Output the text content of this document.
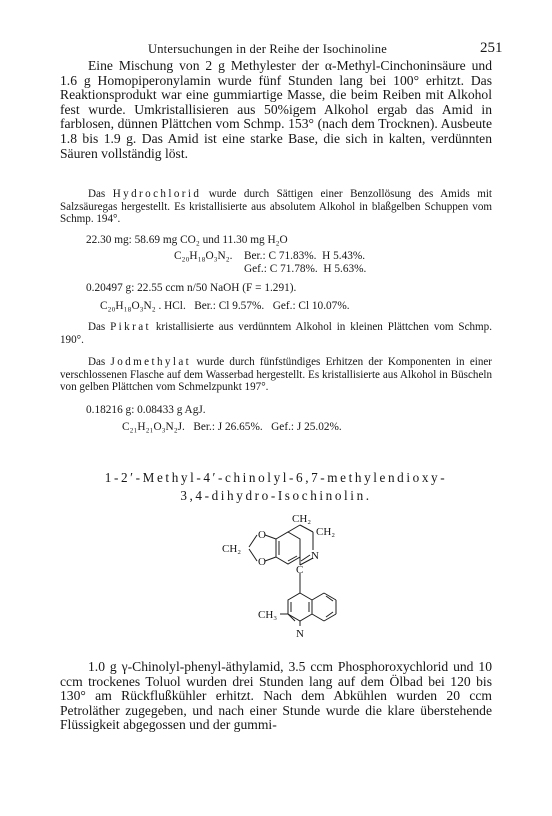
Untersuchungen in der Reihe der Isochinoline	251

Eine Mischung von 2 g Methylester der α-Methyl-Cinchoninsäure und 1.6 g Homopiperonylamin wurde fünf Stunden lang bei 100° erhitzt. Das Reaktionsprodukt war eine gummiartige Masse, die beim Reiben mit Alkohol fest wurde. Umkristallisieren aus 50%igem Alkohol ergab das Amid in farblosen, dünnen Plättchen vom Schmp. 153° (nach dem Trocknen). Ausbeute 1.8 bis 1.9 g. Das Amid ist eine starke Base, die sich in kalten, verdünnten Säuren vollständig löst.

Das Hydrochlorid wurde durch Sättigen einer Benzollösung des Amids mit Salzsäuregas hergestellt. Es kristallisierte aus absolutem Alkohol in blaßgelben Schuppen vom Schmp. 194°.

22.30 mg: 58.69 mg CO₂ und 11.30 mg H₂O
C₂₀H₁₈O₃N₂. Ber.: C 71.83%.  H 5.43%.
Gef.: C 71.78%.  H 5.63%.
0.20497 g: 22.55 ccm n/50 NaOH (F = 1.291).
C₂₀H₁₈O₃N₂ . HCl.   Ber.: Cl 9.57%.   Gef.: Cl 10.07%.

Das Pikrat kristallisierte aus verdünntem Alkohol in kleinen Plättchen vom Schmp. 190°.

Das Jodmethylat wurde durch fünfstündiges Erhitzen der Komponenten in einer verschlossenen Flasche auf dem Wasserbad hergestellt. Es kristallisierte aus Alkohol in Büscheln von gelben Plättchen vom Schmelzpunkt 197°.

0.18216 g: 0.08433 g AgJ.
C₂₁H₂₁O₃N₂J.   Ber.: J 26.65%.   Gef.: J 25.02%.
1-2′-Methyl-4′-chinolyl-6,7-methylendioxy-
3,4-dihydro-Isochinolin.
CH₂
CH₂
CH₂
O
O	N
C
CH₃
N

1.0 g γ-Chinolyl-phenyl-äthylamid, 3.5 ccm Phosphoroxychlorid und 10 ccm trockenes Toluol wurden drei Stunden lang auf dem Ölbad bei 120 bis 130° am Rückflußkühler erhitzt. Nach dem Abkühlen wurden 20 ccm Petroläther zugegeben, und nach einer Stunde wurde die klare überstehende Flüssigkeit abgegossen und der gummi-
